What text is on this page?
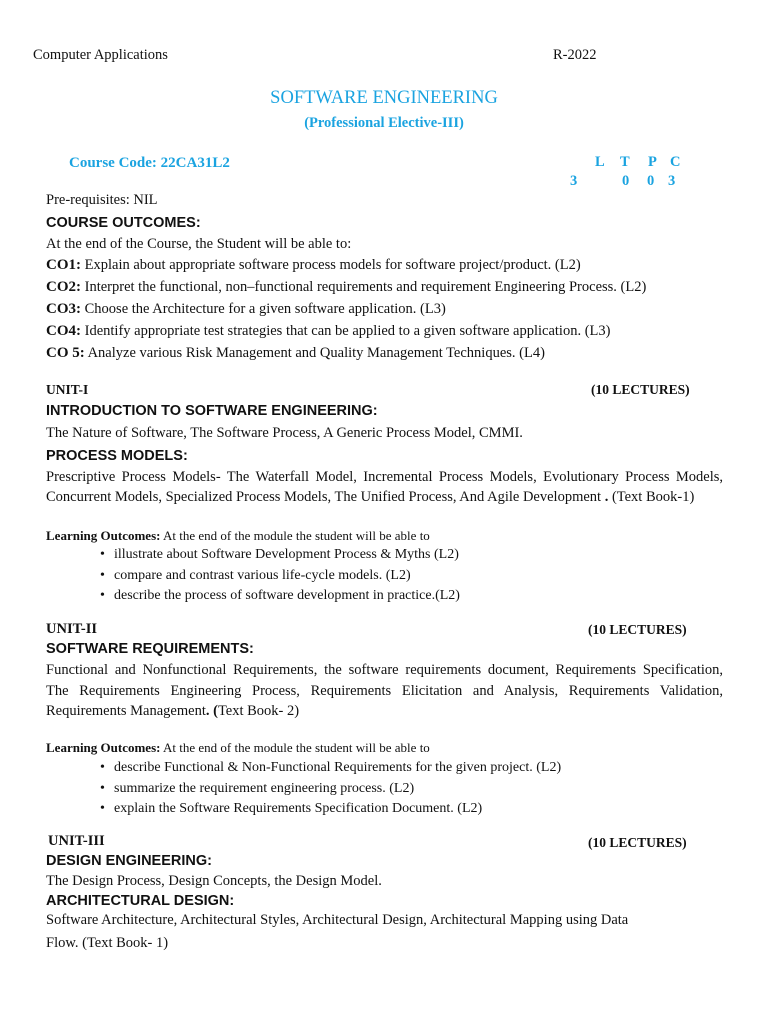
Computer Applications	R-2022
SOFTWARE ENGINEERING
(Professional Elective-III)
Course Code: 22CA31L2	L T P C
3	0 0 3
Pre-requisites: NIL
COURSE OUTCOMES:
At the end of the Course, the Student will be able to:
CO1: Explain about appropriate software process models for software project/product. (L2)
CO2: Interpret the functional, non–functional requirements and requirement Engineering Process. (L2)
CO3: Choose the Architecture for a given software application. (L3)
CO4: Identify appropriate test strategies that can be applied to a given software application. (L3)
CO 5: Analyze various Risk Management and Quality Management Techniques. (L4)
UNIT-I	(10 LECTURES)
INTRODUCTION TO SOFTWARE ENGINEERING:
The Nature of Software, The Software Process, A Generic Process Model, CMMI.
PROCESS MODELS:
Prescriptive Process Models- The Waterfall Model, Incremental Process Models, Evolutionary Process Models,
Concurrent Models, Specialized Process Models, The Unified Process, And Agile Development . (Text Book-1)
Learning Outcomes: At the end of the module the student will be able to
• illustrate about Software Development Process & Myths (L2)
• compare and contrast various life-cycle models. (L2)
• describe the process of software development in practice.(L2)
UNIT-II	(10 LECTURES)
SOFTWARE REQUIREMENTS:
Functional and Nonfunctional Requirements, the software requirements document, Requirements Specification,
The Requirements Engineering Process, Requirements Elicitation and Analysis, Requirements Validation,
Requirements Management. (Text Book- 2)
Learning Outcomes: At the end of the module the student will be able to
• describe Functional & Non-Functional Requirements for the given project. (L2)
• summarize the requirement engineering process. (L2)
• explain the Software Requirements Specification Document. (L2)
UNIT-III	(10 LECTURES)
DESIGN ENGINEERING:
The Design Process, Design Concepts, the Design Model.
ARCHITECTURAL DESIGN:
Software Architecture, Architectural Styles, Architectural Design, Architectural Mapping using Data
Flow. (Text Book- 1)
